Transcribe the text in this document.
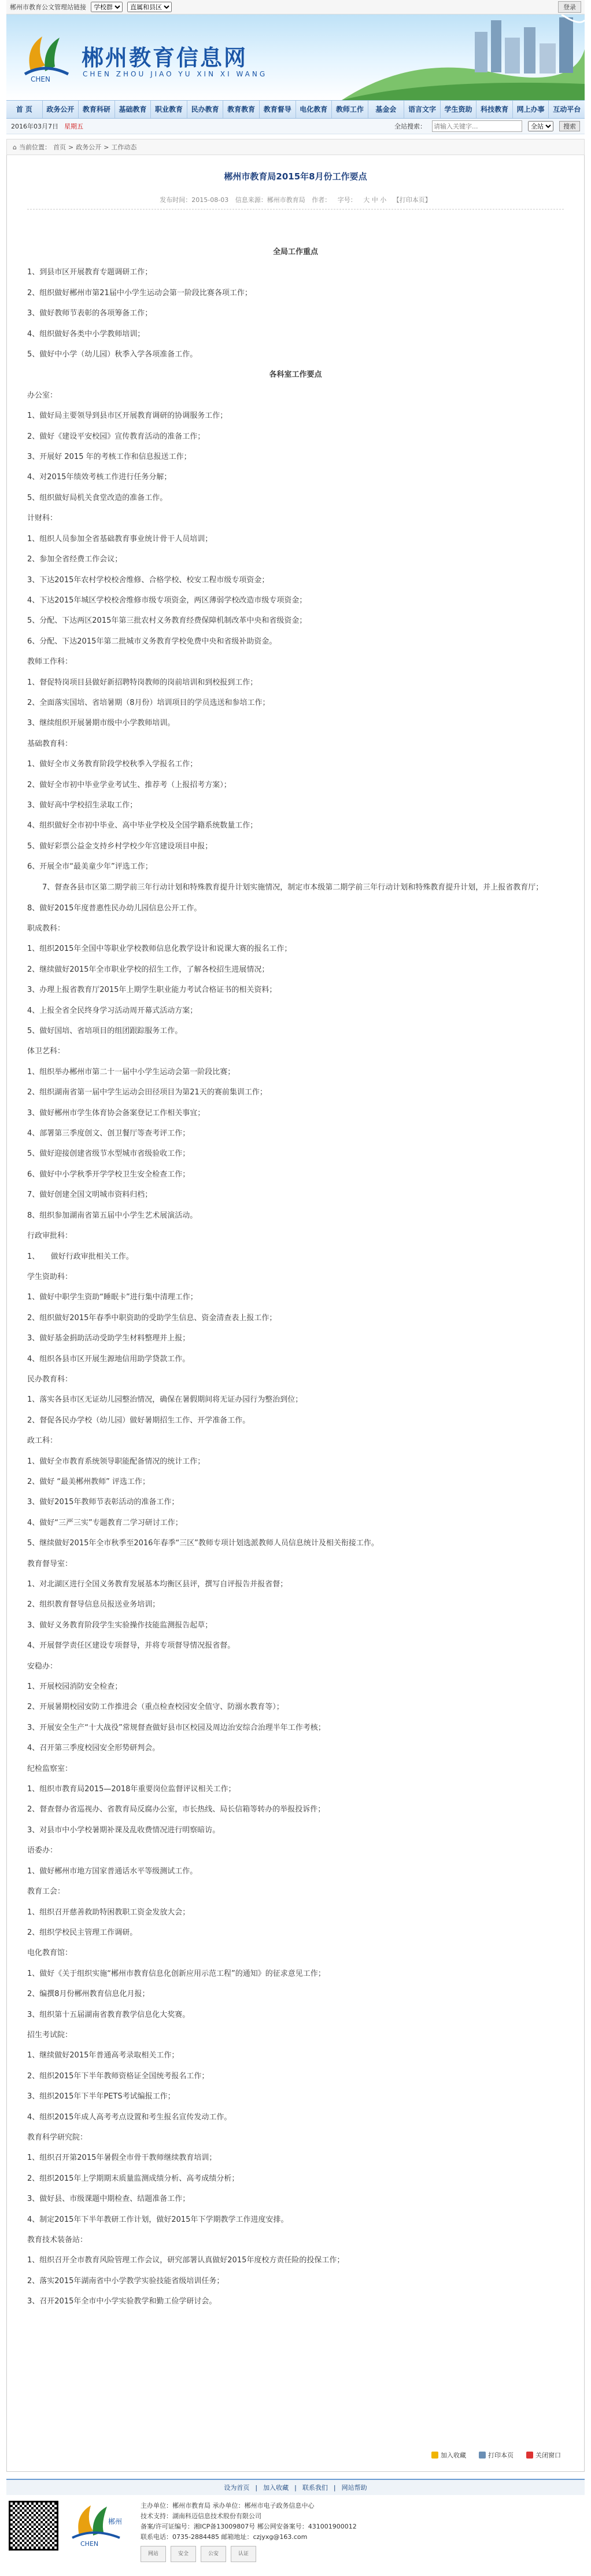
郴州市教育公文管理站链接
学校群
直属和县区	登录
CHEN
郴州教育信息网
CHEN ZHOU JIAO YU XIN XI WANG
首 页	政务公开	教育科研	基础教育	职业教育	民办教育	教育教育	教育督导	电化教育	教师工作	基金会	语言文字	学生资助	科技教育	网上办事	互动平台
2016年03月7日 星期五	全站搜索：
请输入关键字...
全站	搜索
⌂ 当前位置： 首页 > 政务公开 > 工作动态
郴州市教育局2015年8月份工作要点
发布时间：2015-08-03 信息来源：郴州市教育局 作者： 字号： 大 中 小 【打印本页】
全局工作重点
1、到县市区开展教育专题调研工作；
2、组织做好郴州市第21届中小学生运动会第一阶段比赛各项工作；
3、做好教师节表彰的各项筹备工作；
4、组织做好各类中小学教师培训；
5、做好中小学（幼儿园）秋季入学各项准备工作。
各科室工作要点
办公室：
1、做好局主要领导到县市区开展教育调研的协调服务工作；
2、做好《建设平安校园》宣传教育活动的准备工作；
3、开展好 2015 年的考核工作和信息报送工作；
4、对2015年绩效考核工作进行任务分解；
5、组织做好局机关食堂改造的准备工作。
计财科：
1、组织人员参加全省基础教育事业统计骨干人员培训；
2、参加全省经费工作会议；
3、下达2015年农村学校校舍维修、合格学校、校安工程市级专项资金；
4、下达2015年城区学校校舍维修市级专项资金，两区薄弱学校改造市级专项资金；
5、分配、下达两区2015年第三批农村义务教育经费保障机制改革中央和省级资金；
6、分配、下达2015年第二批城市义务教育学校免费中央和省级补助资金。
教师工作科：
1、督促特岗项目县做好新招聘特岗教师的岗前培训和到校报到工作；
2、全面落实国培、省培暑期（8月份）培训项目的学员选送和参培工作；
3、继续组织开展暑期市级中小学教师培训。
基础教育科：
1、做好全市义务教育阶段学校秋季入学报名工作；
2、做好全市初中毕业学业考试生、推荐考（上报招考方案）；
3、做好高中学校招生录取工作；
4、组织做好全市初中毕业、高中毕业学校及全国学籍系统数量工作；
5、做好彩票公益金支持乡村学校少年宫建设项目申报；
6、开展全市“最美童少年”评选工作；
7、督查各县市区第二期学前三年行动计划和特殊教育提升计划实施情况，制定市本级第二期学前三年行动计划和特殊教育提升计划，并上报省教育厅；
8、做好2015年度普惠性民办幼儿园信息公开工作。
职成教科：
1、组织2015年全国中等职业学校教师信息化教学设计和说课大赛的报名工作；
2、继续做好2015年全市职业学校的招生工作，了解各校招生进展情况；
3、办理上报省教育厅2015年上期学生职业能力考试合格证书的相关资料；
4、上报全省全民终身学习活动周开幕式活动方案；
5、做好国培、省培项目的组团跟踪服务工作。
体卫艺科：
1、组织举办郴州市第二十一届中小学生运动会第一阶段比赛；
2、组织湖南省第一届中学生运动会田径项目为第21天的赛前集训工作；
3、做好郴州市学生体育协会备案登记工作相关事宜；
4、部署第三季度创文、创卫餐厅等查考评工作；
5、做好迎接创建省级节水型城市省级验收工作；
6、做好中小学秋季开学学校卫生安全检查工作；
7、做好创建全国文明城市资料归档；
8、组织参加湖南省第五届中小学生艺术展演活动。
行政审批科：
1、　　做好行政审批相关工作。
学生资助科：
1、做好中职学生资助“睡眠卡”进行集中清理工作；
2、组织做好2015年春季中职资助的受助学生信息、资金清查表上报工作；
3、做好基金捐助活动受助学生材料整理并上报；
4、组织各县市区开展生源地信用助学贷款工作。
民办教育科：
1、落实各县市区无证幼儿园整治情况，确保在暑假期间将无证办园行为整治到位；
2、督促各民办学校（幼儿园）做好暑期招生工作、开学准备工作。
政工科：
1、做好全市教育系统领导职能配备情况的统计工作；
2、做好 “最美郴州教师” 评选工作；
3、做好2015年教师节表彰活动的准备工作；
4、做好“三严三实”专题教育二学习研讨工作；
5、继续做好2015年全市秋季至2016年春季“三区”教师专项计划选派教师人员信息统计及相关衔接工作。
教育督导室：
1、对北湖区进行全国义务教育发展基本均衡区县评，撰写自评报告并报省督；
2、组织教育督导信息员报送业务培训；
3、做好义务教育阶段学生实验操作技能监测报告起草；
4、开展督学责任区建设专项督导，并将专项督导情况报省督。
安稳办：
1、开展校园消防安全检查；
2、开展暑期校园安防工作推进会（重点检查校园安全值守、防溺水教育等）；
3、开展安全生产“十大战役”常规督查做好县市区校园及周边治安综合治理半年工作考核；
4、召开第三季度校园安全形势研判会。
纪检监察室：
1、组织市教育局2015—2018年重要岗位监督评议相关工作；
2、督查督办省巡视办、省教育局反腐办公室，市长热线、局长信箱等转办的举报投诉件；
3、对县市中小学校暑期补课及乱收费情况进行明察暗访。
语委办：
1、做好郴州市地方国家普通话水平等级测试工作。
教育工会：
1、组织召开慈善救助特困教职工资金发放大会；
2、组织学校民主管理工作调研。
电化教育馆：
1、做好《关于组织实施“郴州市教育信息化创新应用示范工程”的通知》的征求意见工作；
2、编撰8月份郴州教育信息化月报；
3、组织第十五届湖南省教育教学信息化大奖赛。
招生考试院：
1、继续做好2015年普通高考录取相关工作；
2、组织2015年下半年教师资格证全国统考报名工作；
3、组织2015年下半年PETS考试编报工作；
4、组织2015年成人高考考点设置和考生报名宣传发动工作。
教育科学研究院：
1、组织召开第2015年暑假全市骨干教师继续教育培训；
2、组织2015年上学期期末质量监测成绩分析、高考成绩分析；
3、做好县、市级课题中期检查、结题准备工作；
4、制定2015年下半年教研工作计划，做好2015年下学期教学工作进度安排。
教育技术装备站：
1、组织召开全市教育风险管理工作会议，研究部署认真做好2015年度校方责任险的投保工作；
2、落实2015年湖南省中小学教学实验技能省级培训任务；
3、召开2015年全市中小学实验教学和勤工俭学研讨会。
加入收藏	打印本页	关闭窗口
设为首页 | 加入收藏 | 联系我们 | 网站帮助
郴州
CHEN
主办单位：郴州市教育局 承办单位：郴州市电子政务信息中心
技术支持：湖南科迈信息技术股份有限公司
备案/许可证编号：湘ICP备13009807号 郴公网安备案号：431001900012
联系电话：0735-2884485 邮箱地址：czjyxg@163.com
网站	安全	公安	认证
